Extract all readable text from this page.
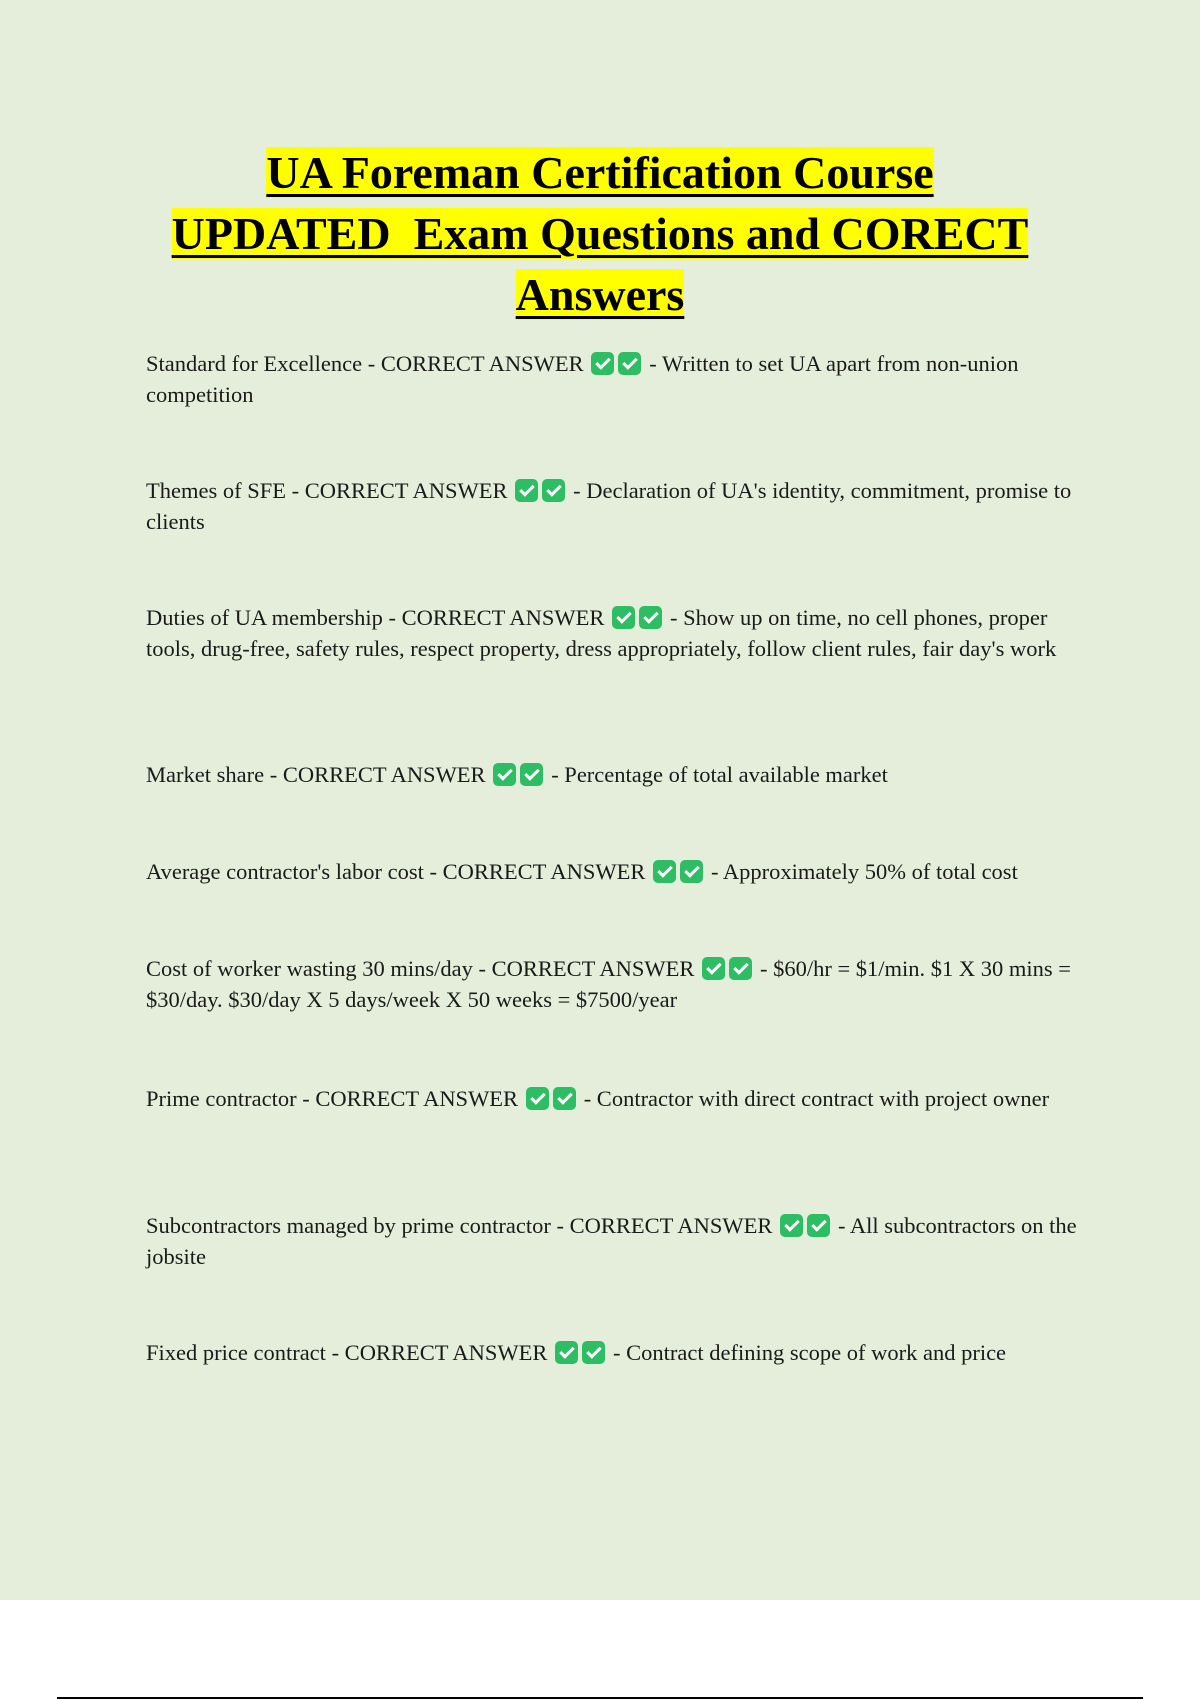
UA Foreman Certification Course
UPDATED  Exam Questions and CORECT
Answers

Standard for Excellence - CORRECT ANSWER	- Written to set UA apart from non-union competition

Themes of SFE - CORRECT ANSWER	- Declaration of UA's identity, commitment, promise to clients

Duties of UA membership - CORRECT ANSWER	- Show up on time, no cell phones, proper tools, drug-free, safety rules, respect property, dress appropriately, follow client rules, fair day's work

Market share - CORRECT ANSWER	- Percentage of total available market

Average contractor's labor cost - CORRECT ANSWER	- Approximately 50% of total cost

Cost of worker wasting 30 mins/day - CORRECT ANSWER	- $60/hr = $1/min. $1 X 30 mins = $30/day. $30/day X 5 days/week X 50 weeks = $7500/year

Prime contractor - CORRECT ANSWER	- Contractor with direct contract with project owner

Subcontractors managed by prime contractor - CORRECT ANSWER	- All subcontractors on the jobsite

Fixed price contract - CORRECT ANSWER	- Contract defining scope of work and price
